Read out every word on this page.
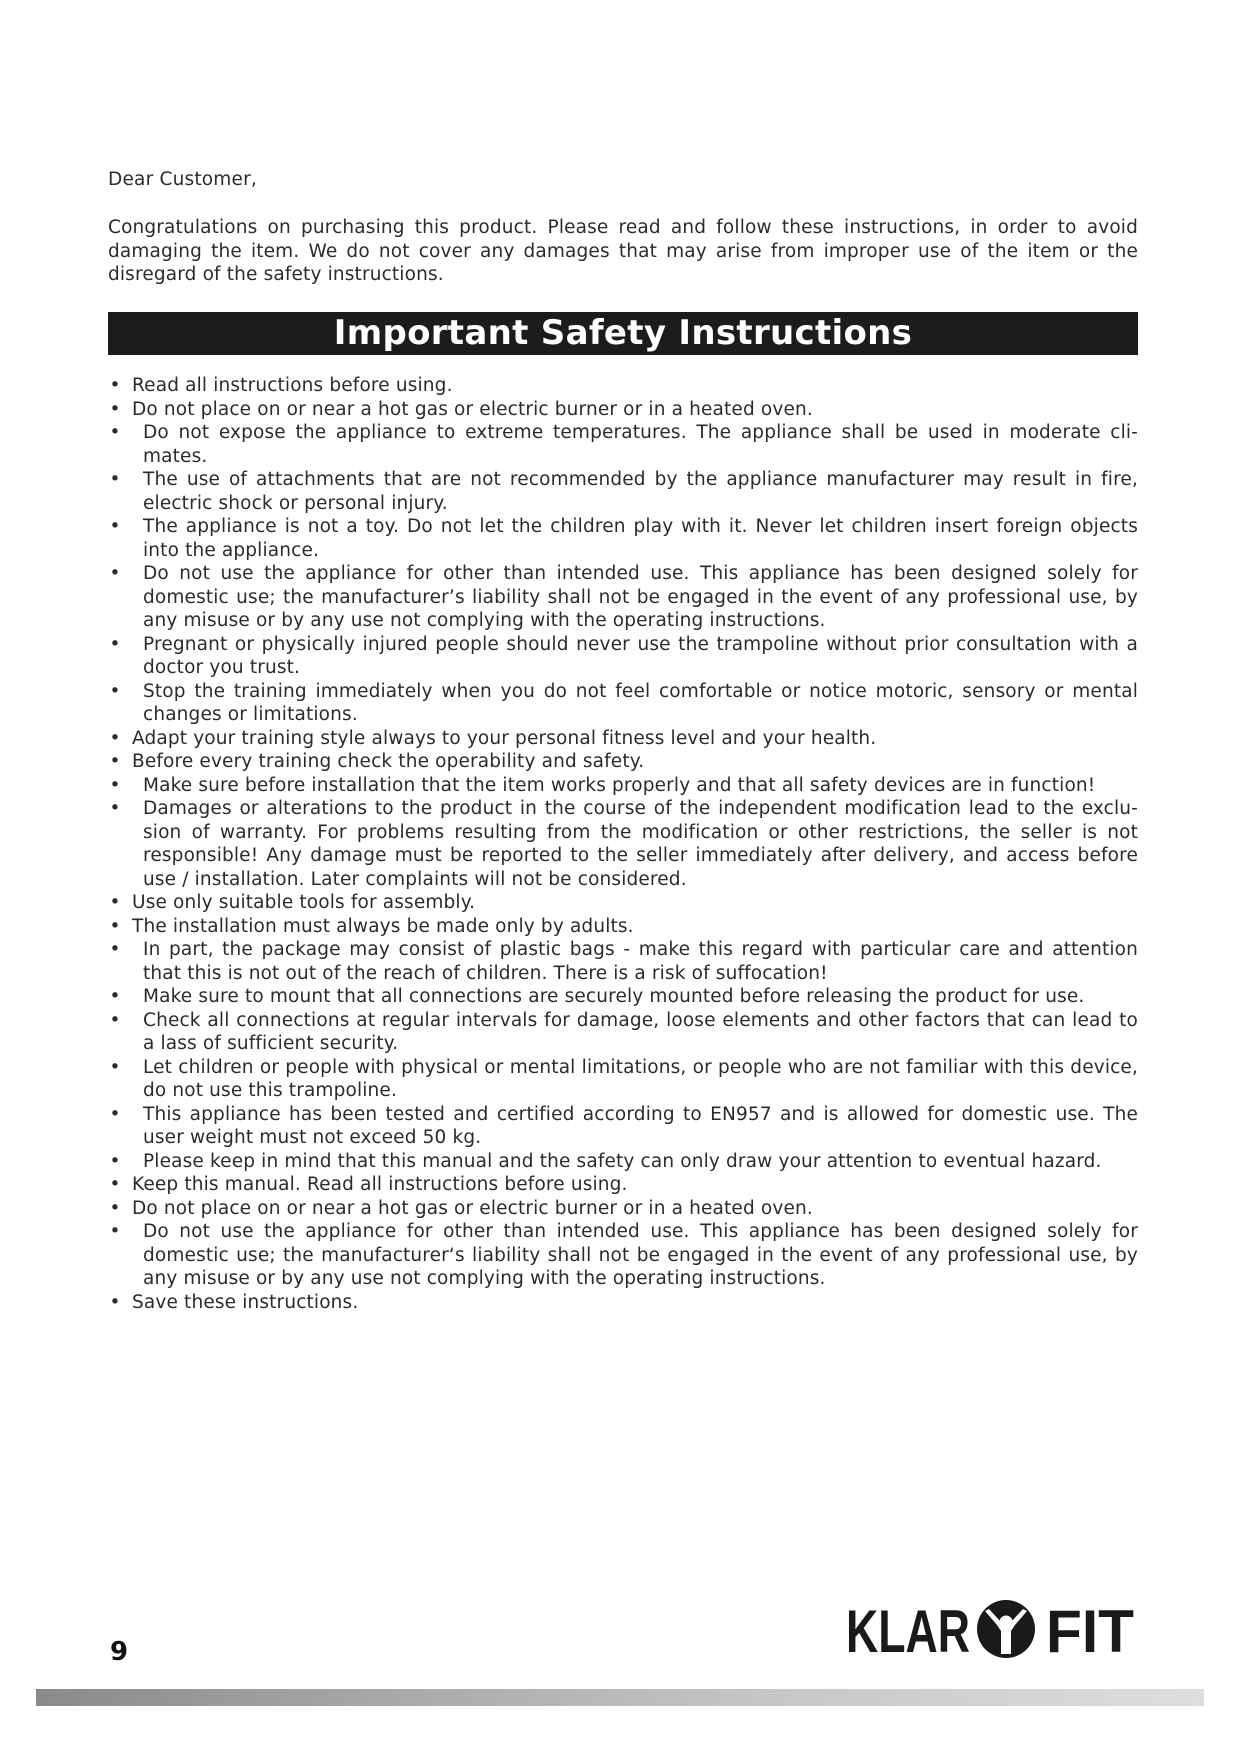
Dear Customer,
Congratulations on purchasing this product. Please read and follow these instructions, in order to avoid damaging the item. We do not cover any damages that may arise from improper use of the item or the disregard of the safety instructions.
Important Safety Instructions
• Read all instructions before using.
• Do not place on or near a hot gas or electric burner or in a heated oven.
•	Do not expose the appliance to extreme temperatures. The appliance shall be used in moderate cli-mates.
•	The use of attachments that are not recommended by the appliance manufacturer may result in fire, electric shock or personal injury.
•	The appliance is not a toy. Do not let the children play with it. Never let children insert foreign objects into the appliance.
•	Do not use the appliance for other than intended use. This appliance has been designed solely for domestic use; the manufacturer’s liability shall not be engaged in the event of any professional use, by any misuse or by any use not complying with the operating instructions.
•	Pregnant or physically injured people should never use the trampoline without prior consultation with a doctor you trust.
•	Stop the training immediately when you do not feel comfortable or notice motoric, sensory or mental changes or limitations.
• Adapt your training style always to your personal fitness level and your health.
• Before every training check the operability and safety.
•	Make sure before installation that the item works properly and that all safety devices are in function!
•	Damages or alterations to the product in the course of the independent modification lead to the exclu-sion of warranty. For problems resulting from the modification or other restrictions, the seller is not responsible! Any damage must be reported to the seller immediately after delivery, and access before use / installation. Later complaints will not be considered.
• Use only suitable tools for assembly.
• The installation must always be made only by adults.
•	In part, the package may consist of plastic bags - make this regard with particular care and attention that this is not out of the reach of children. There is a risk of suffocation!
•	Make sure to mount that all connections are securely mounted before releasing the product for use.
•	Check all connections at regular intervals for damage, loose elements and other factors that can lead to a lass of sufficient security.
•	Let children or people with physical or mental limitations, or people who are not familiar with this device, do not use this trampoline.
•	This appliance has been tested and certified according to EN957 and is allowed for domestic use. The user weight must not exceed 50 kg.
•	Please keep in mind that this manual and the safety can only draw your attention to eventual hazard.
• Keep this manual. Read all instructions before using.
• Do not place on or near a hot gas or electric burner or in a heated oven.
•	Do not use the appliance for other than intended use. This appliance has been designed solely for domestic use; the manufacturer‘s liability shall not be engaged in the event of any professional use, by any misuse or by any use not complying with the operating instructions.
• Save these instructions.
9	KLAR FIT
